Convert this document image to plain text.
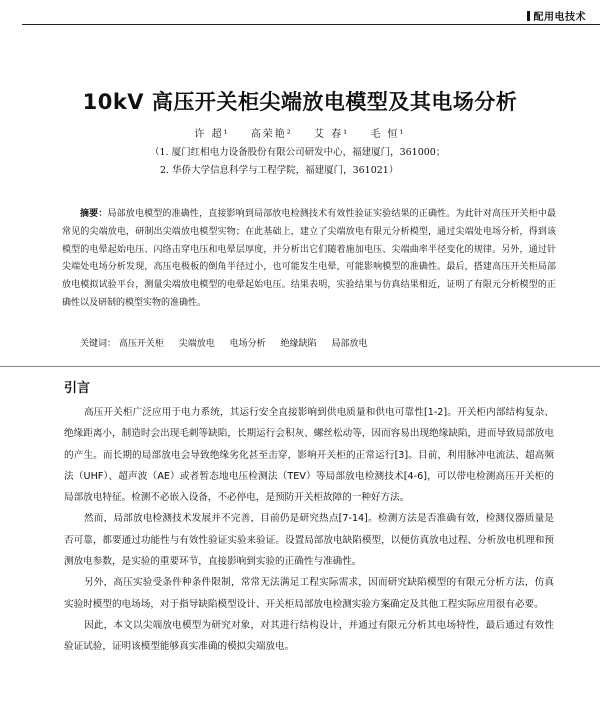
配用电技术
10kV 高压开关柜尖端放电模型及其电场分析
许 超¹ 高荣艳² 艾 春¹ 毛 恒¹
（1. 厦门红相电力设备股份有限公司研发中心，福建厦门，361000；
2. 华侨大学信息科学与工程学院，福建厦门，361021）
摘要：局部放电模型的准确性，直接影响到局部放电检测技术有效性验证实验结果的正确性。为此针对高压开关柜中最常见的尖端放电，研制出尖端放电模型实物；在此基础上，建立了尖端放电有限元分析模型，通过尖端处电场分析，得到该模型的电晕起始电压、闪络击穿电压和电晕层厚度，并分析出它们随着施加电压、尖端曲率半径变化的规律。另外，通过针尖端处电场分析发现，高压电极板的倒角半径过小，也可能发生电晕，可能影响模型的准确性。最后，搭建高压开关柜局部放电模拟试验平台，测量尖端放电模型的电晕起始电压。结果表明，实验结果与仿真结果相近，证明了有限元分析模型的正确性以及研制的模型实物的准确性。
关键词： 高压开关柜 尖端放电 电场分析 绝缘缺陷 局部放电
引言

高压开关柜广泛应用于电力系统，其运行安全直接影响到供电质量和供电可靠性[1-2]。开关柜内部结构复杂、绝缘距离小，制造时会出现毛刺等缺陷，长期运行会积灰、螺丝松动等，因而容易出现绝缘缺陷，进而导致局部放电的产生。而长期的局部放电会导致绝缘劣化甚至击穿，影响开关柜的正常运行[3]。目前，利用脉冲电流法、超高频法（UHF）、超声波（AE）或者暂态地电压检测法（TEV）等局部放电检测技术[4-6]，可以带电检测高压开关柜的局部放电特征。检测不必嵌入设备，不必停电，是预防开关柜故障的一种好方法。

然而，局部放电检测技术发展并不完善，目前仍是研究热点[7-14]。检测方法是否准确有效，检测仪器质量是否可靠，都要通过功能性与有效性验证实验来验证。设置局部放电缺陷模型，以便仿真放电过程、分析放电机理和预测放电参数，是实验的重要环节，直接影响到实验的正确性与准确性。

另外，高压实验受条件种条件限制，常常无法满足工程实际需求，因而研究缺陷模型的有限元分析方法，仿真实验时模型的电场场，对于指导缺陷模型设计、开关柜局部放电检测实验方案确定及其他工程实际应用很有必要。

因此，本文以尖端放电模型为研究对象，对其进行结构设计，并通过有限元分析其电场特性，最后通过有效性验证试验，证明该模型能够真实准确的模拟尖端放电。
